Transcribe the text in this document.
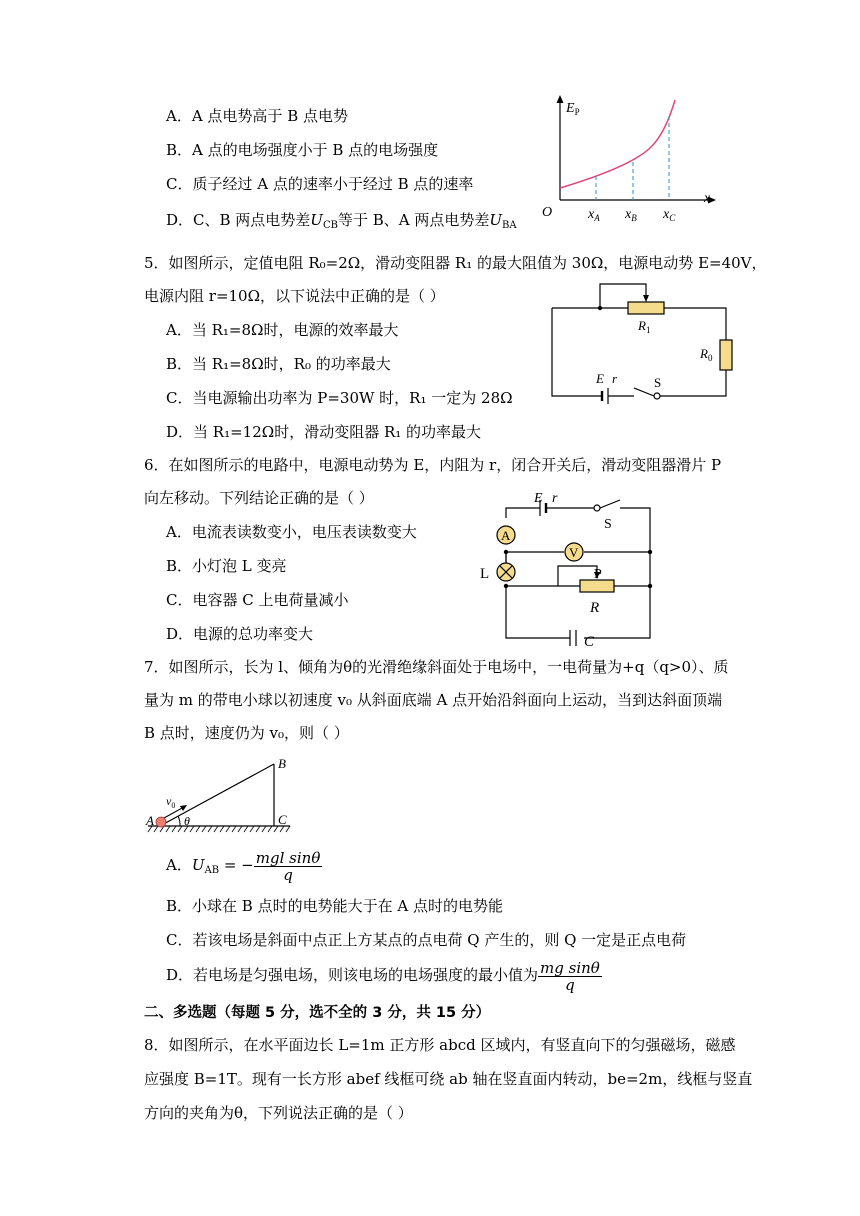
A．A 点电势高于 B 点电势
B．A 点的电场强度小于 B 点的电场强度
C．质子经过 A 点的速率小于经过 B 点的速率
D．C、B 两点电势差$U_{CB}$等于 B、A 两点电势差$U_{BA}$
$E_P$
O
x
$x_A$ $x_B$ $x_C$
5．如图所示，定值电阻 R₀=2Ω，滑动变阻器 R₁ 的最大阻值为 30Ω，电源电动势 E=40V，
电源内阻 r=10Ω，以下说法中正确的是（ ）
A．当 R₁=8Ω时，电源的效率最大
B．当 R₁=8Ω时，R₀ 的功率最大
C．当电源输出功率为 P=30W 时，R₁ 一定为 28Ω
D．当 R₁=12Ω时，滑动变阻器 R₁ 的功率最大
$R_1$
$R_0$
E r	S
6．在如图所示的电路中，电源电动势为 E，内阻为 r，闭合开关后，滑动变阻器滑片 P
向左移动。下列结论正确的是（ ）
A．电流表读数变小，电压表读数变大
B．小灯泡 L 变亮
C．电容器 C 上电荷量减小
D．电源的总功率变大
A
V
E r
S
L	P
R
C
7．如图所示，长为 l、倾角为θ的光滑绝缘斜面处于电场中，一电荷量为+q（q>0）、质
量为 m 的带电小球以初速度 v₀ 从斜面底端 A 点开始沿斜面向上运动，当到达斜面顶端
B 点时，速度仍为 v₀，则（ ）
A
B
C
$v_0$
θ
A．$U_{AB}$ = − $\frac{\text{mgl sinθ}}{q}$
B．小球在 B 点时的电势能大于在 A 点时的电势能
C．若该电场是斜面中点正上方某点的点电荷 Q 产生的，则 Q 一定是正点电荷
D．若电场是匀强电场，则该电场的电场强度的最小值为 $\frac{\text{mg sinθ}}{q}$
二、多选题（每题 5 分，选不全的 3 分，共 15 分）
8．如图所示，在水平面边长 L=1m 正方形 abcd 区域内，有竖直向下的匀强磁场，磁感
应强度 B=1T。现有一长方形 abef 线框可绕 ab 轴在竖直面内转动，be=2m，线框与竖直
方向的夹角为θ，下列说法正确的是（ ）
